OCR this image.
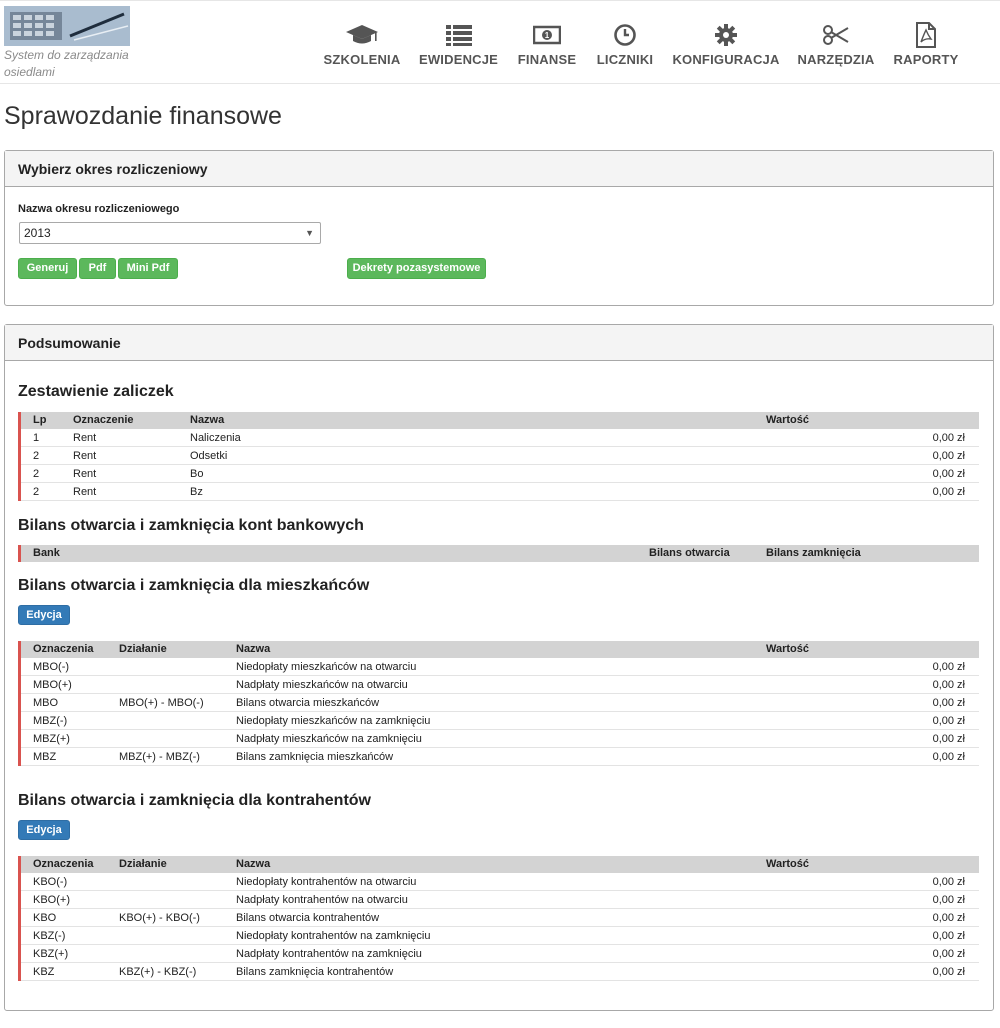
System do zarządzania osiedlami
SZKOLENIA EWIDENCJE
1
FINANSE LICZNIKI KONFIGURACJA NARZĘDZIA RAPORTY
Sprawozdanie finansowe
Wybierz okres rozliczeniowy
Nazwa okresu rozliczeniowego
2013	▼
Generuj	Pdf	Mini Pdf	Dekrety pozasystemowe
Podsumowanie
Zestawienie zaliczek
Lp Oznaczenie	Nazwa	Wartość
1	Rent	Naliczenia	0,00 zł
2	Rent	Odsetki	0,00 zł
2	Rent	Bo	0,00 zł
2	Rent	Bz	0,00 zł
Bilans otwarcia i zamknięcia kont bankowych
Bank	Bilans otwarcia	Bilans zamknięcia
Bilans otwarcia i zamknięcia dla mieszkańców
Edycja
Oznaczenia Działanie	Nazwa	Wartość
MBO(-)	Niedopłaty mieszkańców na otwarciu	0,00 zł
MBO(+)	Nadpłaty mieszkańców na otwarciu	0,00 zł
MBO	MBO(+) - MBO(-)	Bilans otwarcia mieszkańców	0,00 zł
MBZ(-)	Niedopłaty mieszkańców na zamknięciu	0,00 zł
MBZ(+)	Nadpłaty mieszkańców na zamknięciu	0,00 zł
MBZ	MBZ(+) - MBZ(-)	Bilans zamknięcia mieszkańców	0,00 zł
Bilans otwarcia i zamknięcia dla kontrahentów
Edycja
Oznaczenia Działanie	Nazwa	Wartość
KBO(-)	Niedopłaty kontrahentów na otwarciu	0,00 zł
KBO(+)	Nadpłaty kontrahentów na otwarciu	0,00 zł
KBO	KBO(+) - KBO(-)	Bilans otwarcia kontrahentów	0,00 zł
KBZ(-)	Niedopłaty kontrahentów na zamknięciu	0,00 zł
KBZ(+)	Nadpłaty kontrahentów na zamknięciu	0,00 zł
KBZ	KBZ(+) - KBZ(-)	Bilans zamknięcia kontrahentów	0,00 zł
